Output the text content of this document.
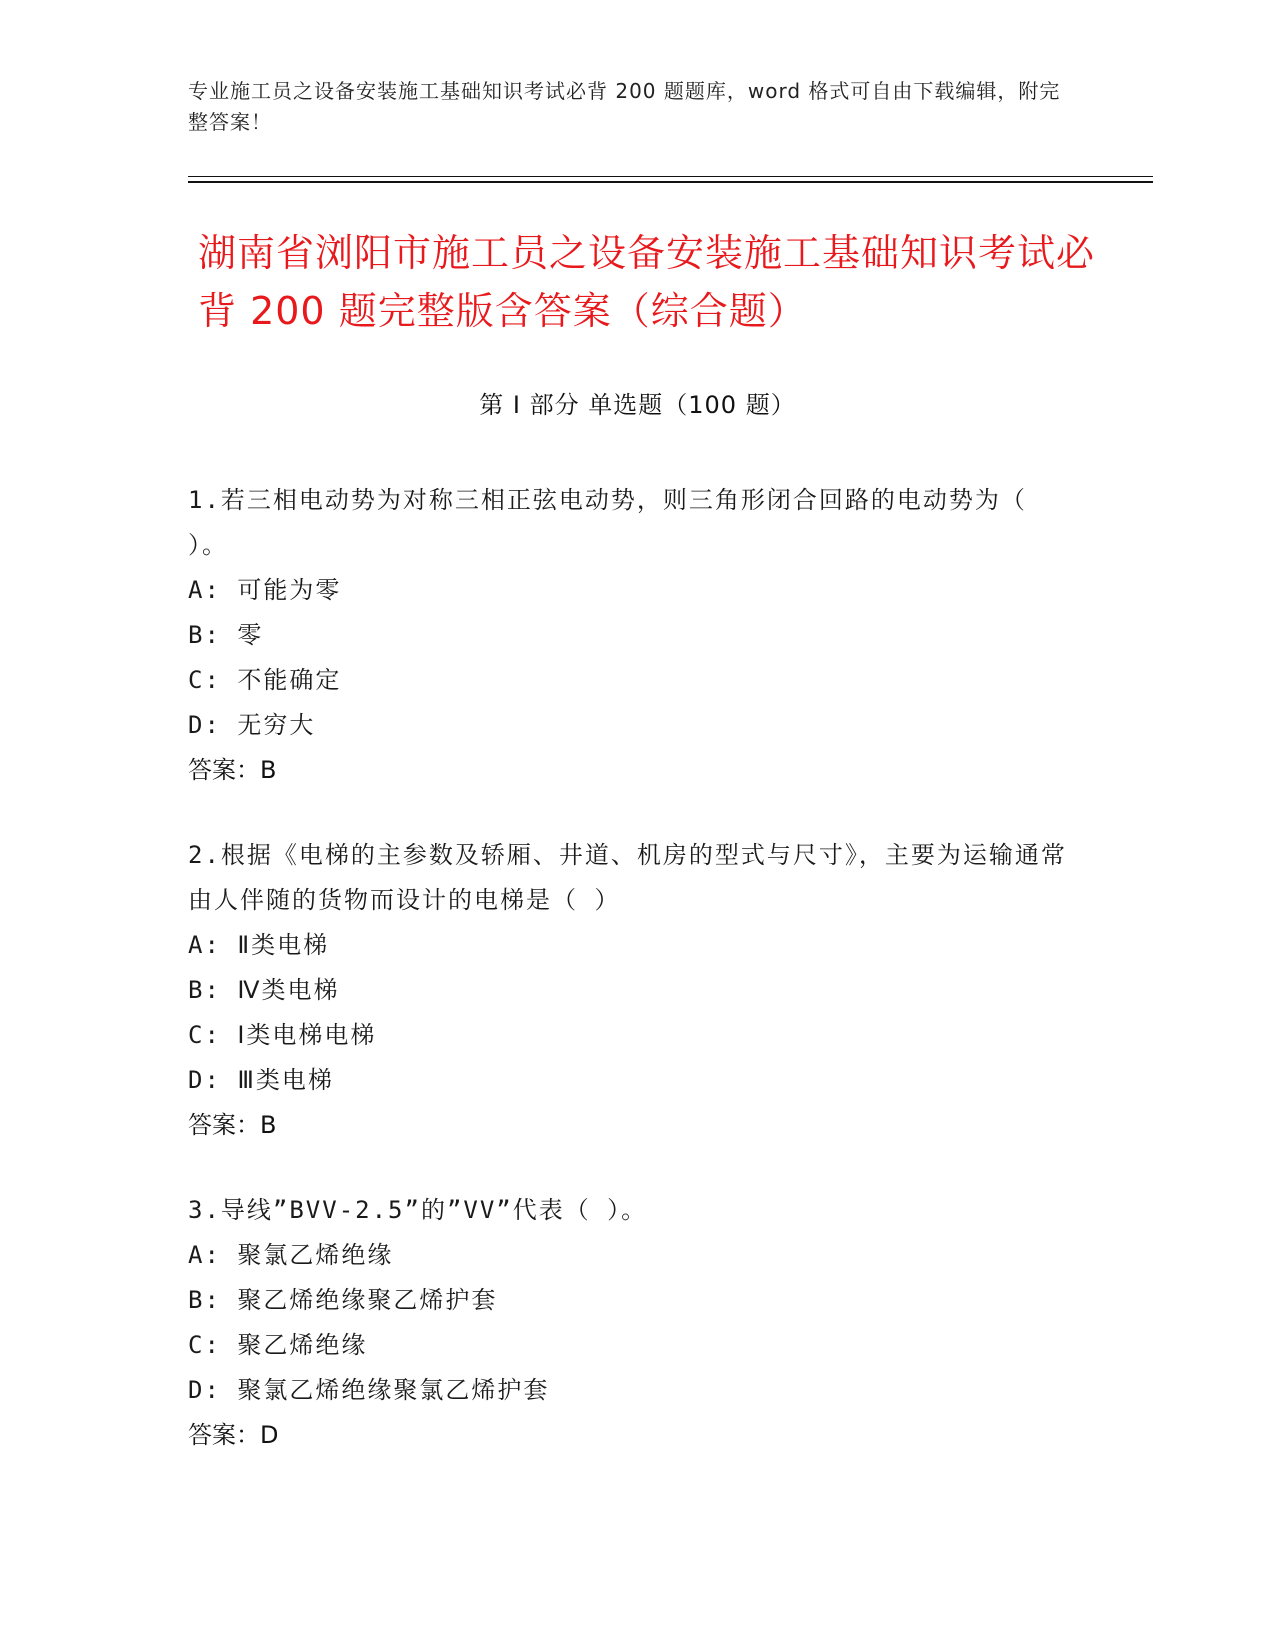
专业施工员之设备安装施工基础知识考试必背 200 题题库，word 格式可自由下载编辑，附完整答案！
湖南省浏阳市施工员之设备安装施工基础知识考试必背 200 题完整版含答案（综合题）
第 I 部分 单选题（100 题）
1.若三相电动势为对称三相正弦电动势，则三角形闭合回路的电动势为（ ）。
A: 可能为零
B: 零
C: 不能确定
D: 无穷大
答案：B
2.根据《电梯的主参数及轿厢、井道、机房的型式与尺寸》，主要为运输通常由人伴随的货物而设计的电梯是（ ）
A: Ⅱ类电梯
B: Ⅳ类电梯
C: Ⅰ类电梯电梯
D: Ⅲ类电梯
答案：B
3.导线”BVV-2.5”的”VV”代表（ ）。
A: 聚氯乙烯绝缘
B: 聚乙烯绝缘聚乙烯护套
C: 聚乙烯绝缘
D: 聚氯乙烯绝缘聚氯乙烯护套
答案：D
